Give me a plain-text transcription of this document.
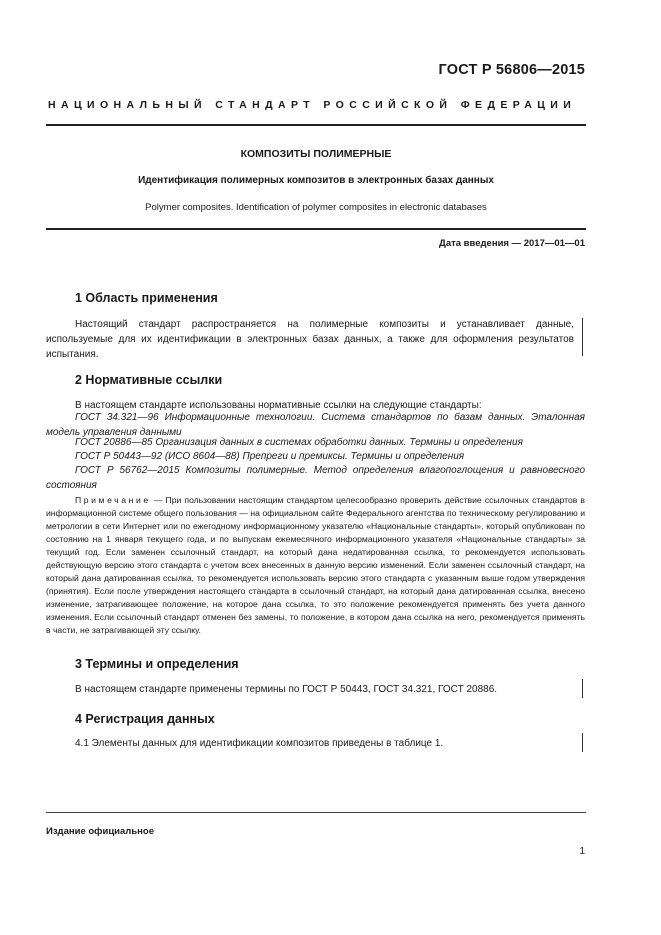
ГОСТ Р 56806—2015
НАЦИОНАЛЬНЫЙ СТАНДАРТ РОССИЙСКОЙ ФЕДЕРАЦИИ
КОМПОЗИТЫ ПОЛИМЕРНЫЕ
Идентификация полимерных композитов в электронных базах данных
Polymer composites. Identification of polymer composites in electronic databases
Дата введения — 2017—01—01
1 Область применения
Настоящий стандарт распространяется на полимерные композиты и устанавливает данные, используемые для их идентификации в электронных базах данных, а также для оформления результатов испытания.
2 Нормативные ссылки
В настоящем стандарте использованы нормативные ссылки на следующие стандарты:
ГОСТ 34.321—96 Информационные технологии. Система стандартов по базам данных. Эталонная модель управления данными
ГОСТ 20886—85 Организация данных в системах обработки данных. Термины и определения
ГОСТ Р 50443—92 (ИСО 8604—88) Препреги и премиксы. Термины и определения
ГОСТ Р 56762—2015 Композиты полимерные. Метод определения влагопоглощения и равновесного состояния
Примечание — При пользовании настоящим стандартом целесообразно проверить действие ссылочных стандартов в информационной системе общего пользования — на официальном сайте Федерального агентства по техническому регулированию и метрологии в сети Интернет или по ежегодному информационному указателю «Национальные стандарты», который опубликован по состоянию на 1 января текущего года, и по выпускам ежемесячного информационного указателя «Национальные стандарты» за текущий год. Если заменен ссылочный стандарт, на который дана недатированная ссылка, то рекомендуется использовать действующую версию этого стандарта с учетом всех внесенных в данную версию изменений. Если заменен ссылочный стандарт, на который дана датированная ссылка, то рекомендуется использовать версию этого стандарта с указанным выше годом утверждения (принятия). Если после утверждения настоящего стандарта в ссылочный стандарт, на который дана датированная ссылка, внесено изменение, затрагивающее положение, на которое дана ссылка, то это положение рекомендуется применять без учета данного изменения. Если ссылочный стандарт отменен без замены, то положение, в котором дана ссылка на него, рекомендуется применять в части, не затрагивающей эту ссылку.
3 Термины и определения
В настоящем стандарте применены термины по ГОСТ Р 50443, ГОСТ 34.321, ГОСТ 20886.
4 Регистрация данных
4.1 Элементы данных для идентификации композитов приведены в таблице 1.
Издание официальное
1
